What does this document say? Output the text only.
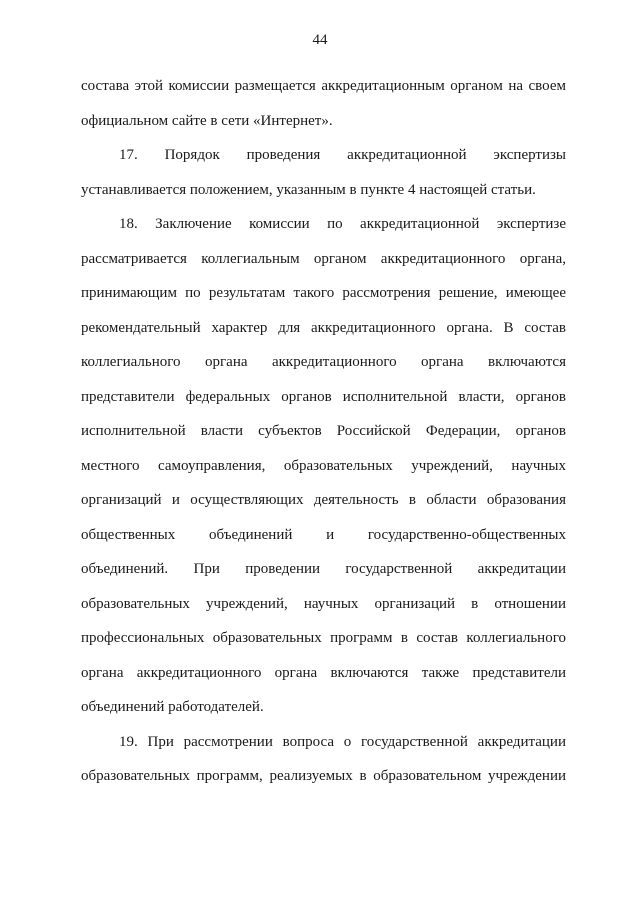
44

состава этой комиссии размещается аккредитационным органом на своем

официальном сайте в сети «Интернет».

17. Порядок проведения аккредитационной экспертизы

устанавливается положением, указанным в пункте 4 настоящей статьи.

18. Заключение комиссии по аккредитационной экспертизе

рассматривается коллегиальным органом аккредитационного органа,

принимающим по результатам такого рассмотрения решение, имеющее

рекомендательный характер для аккредитационного органа. В состав

коллегиального органа аккредитационного органа включаются

представители федеральных органов исполнительной власти, органов

исполнительной власти субъектов Российской Федерации, органов

местного самоуправления, образовательных учреждений, научных

организаций и осуществляющих деятельность в области образования

общественных объединений и государственно-общественных

объединений. При проведении государственной аккредитации

образовательных учреждений, научных организаций в отношении

профессиональных образовательных программ в состав коллегиального

органа аккредитационного органа включаются также представители

объединений работодателей.

19. При рассмотрении вопроса о государственной аккредитации

образовательных программ, реализуемых в образовательном учреждении
